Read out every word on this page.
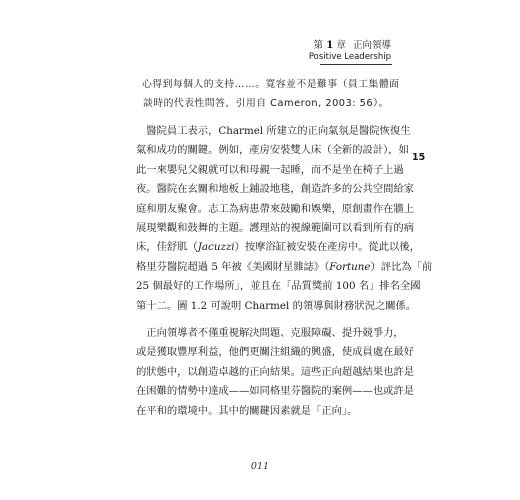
第 1 章 正向領導
Positive Leadership
心得到每個人的支持……。寬容並不是難事（員工集體面
談時的代表性問答，引用自 Cameron, 2003: 56）。
　醫院員工表示，Charmel 所建立的正向氣氛是醫院恢復生
氣和成功的關鍵。例如，產房安裝雙人床（全新的設計），如
此一來嬰兒父親就可以和母親一起睡，而不是坐在椅子上過
夜。醫院在玄關和地板上鋪設地毯，創造許多的公共空間給家
庭和朋友聚會。志工為病患帶來鼓勵和娛樂，原創畫作在牆上
展現樂觀和鼓舞的主題。護理站的視線範圍可以看到所有的病
床，佳舒肌（Jacuzzi）按摩浴缸被安裝在產房中。從此以後，
格里芬醫院超過 5 年被《美國財星雜誌》（Fortune）評比為「前
25 個最好的工作場所」，並且在「品質獎前 100 名」排名全國
第十二。圖 1.2 可說明 Charmel 的領導與財務狀況之關係。
　正向領導者不僅重視解決問題、克服障礙、提升競爭力，
或是獲取豐厚利益，他們更關注組織的興盛，使成員處在最好
的狀態中，以創造卓越的正向結果。這些正向超越結果也許是
在困難的情勢中達成——如同格里芬醫院的案例——也或許是
在平和的環境中。其中的關鍵因素就是「正向」。
15
011
